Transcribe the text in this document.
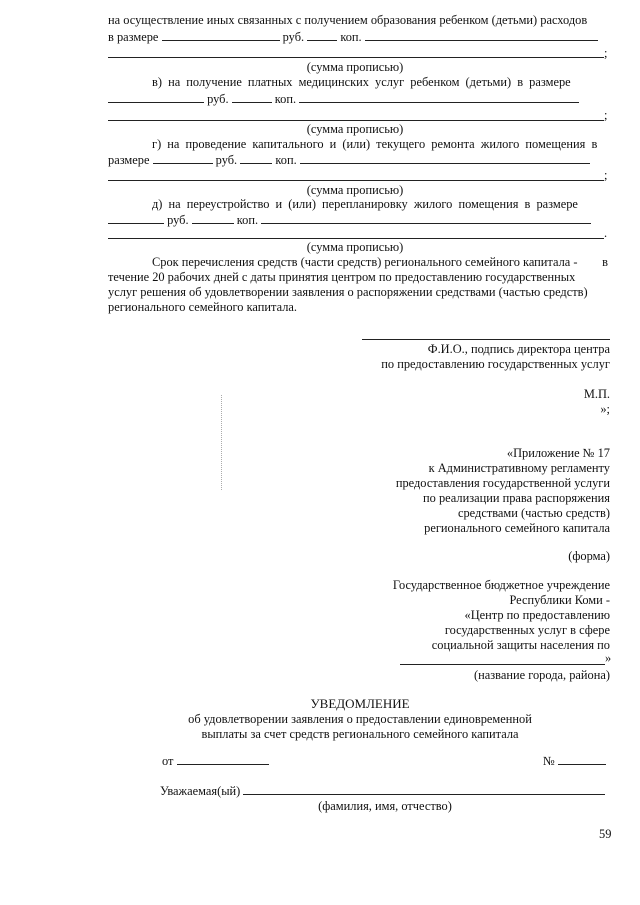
на осуществление иных связанных с получением образования ребенком (детьми) расходов
в размере	руб.	коп.
;
(сумма прописью)
в) на получение платных медицинских услуг ребенком (детьми) в размере
руб.	коп.
;
(сумма прописью)
г) на проведение капитального и (или) текущего ремонта жилого помещения в
размере	руб.	коп.
;
(сумма прописью)
д) на переустройство и (или) перепланировку жилого помещения в размере
руб.	коп.
.
(сумма прописью)
Срок перечисления средств (части средств) регионального семейного капитала - в
течение 20 рабочих дней с даты принятия центром по предоставлению государственных
услуг решения об удовлетворении заявления о распоряжении средствами (частью средств)
регионального семейного капитала.
Ф.И.О., подпись директора центра
по предоставлению государственных услуг
М.П.
»;
«Приложение № 17
к Административному регламенту
предоставления государственной услуги
по реализации права распоряжения
средствами (частью средств)
регионального семейного капитала
(форма)
Государственное бюджетное учреждение
Республики Коми -
«Центр по предоставлению
государственных услуг в сфере
социальной защиты населения по
»
(название города, района)
УВЕДОМЛЕНИЕ
об удовлетворении заявления о предоставлении единовременной
выплаты за счет средств регионального семейного капитала
от	№
Уважаемая(ый)
(фамилия, имя, отчество)
59
